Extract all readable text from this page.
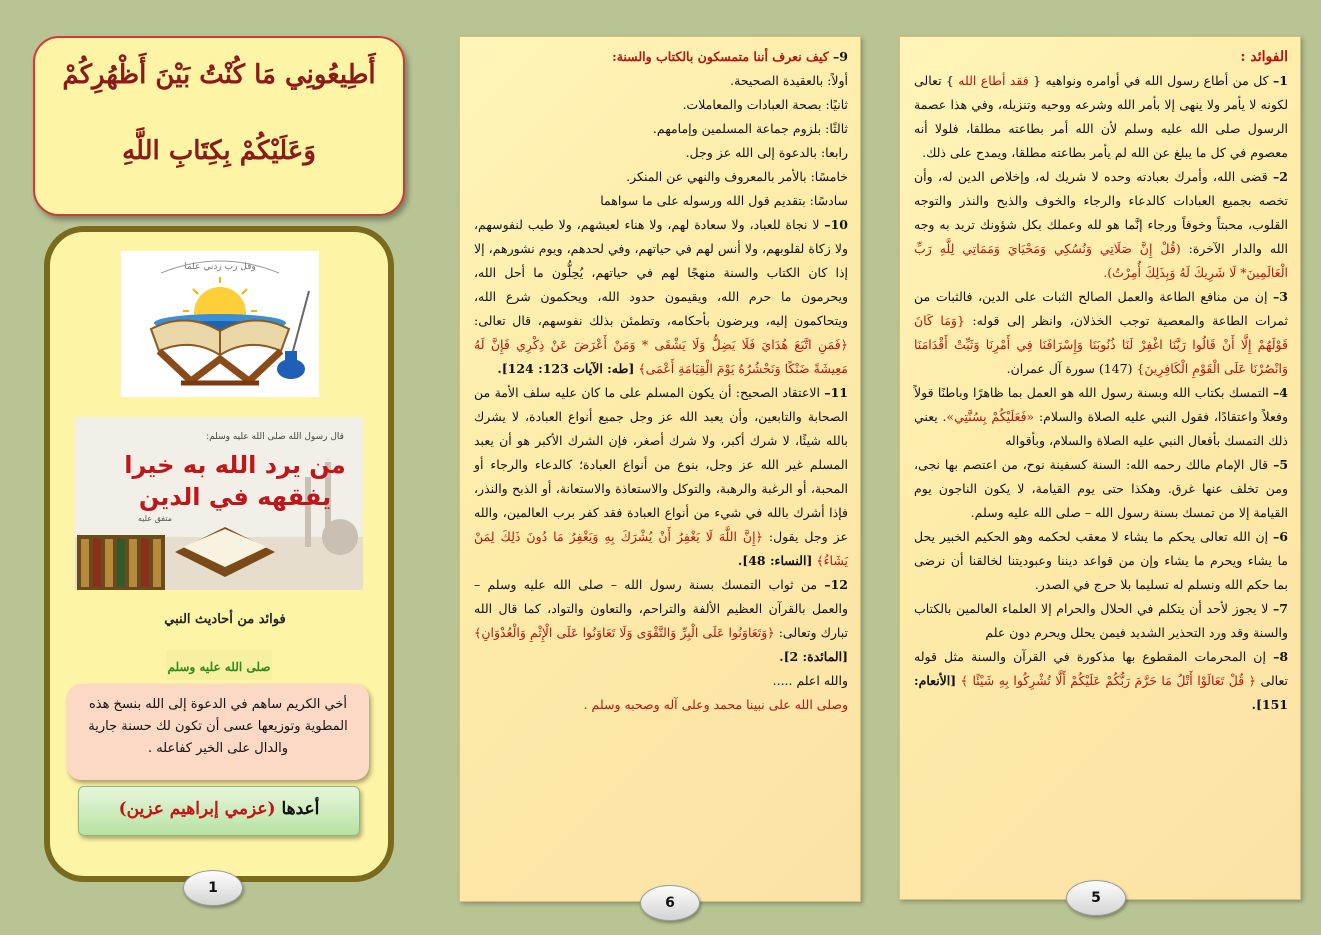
أَطِيعُونِي مَا كُنْتُ بَيْنَ أَظْهُرِكُمْ
وَعَلَيْكُمْ بِكِتَابِ اللَّهِ
وقل رب زدني علما
قال رسول الله صلى الله عليه وسلم:
من يرد الله به خيرا
يفقهه في الدين
متفق عليه
فوائد من أحاديث النبي
صلى الله عليه وسلم
أخي الكريم ساهم في الدعوة إلى الله بنسخ هذه المطوية وتوزيعها عسى أن تكون لك حسنة جارية والدال على الخير كفاعله .
أعدها (عزمي إبراهيم عزين)
1

9– كيف نعرف أننا متمسكون بالكتاب والسنة:

أولاً: بالعقيدة الصحيحة.

ثانيًا: بصحة العبادات والمعاملات.

ثالثًا: بلزوم جماعة المسلمين وإمامهم.

رابعا: بالدعوة إلى الله عز وجل.

خامسًا: بالأمر بالمعروف والنهي عن المنكر.

سادسًا: بتقديم قول الله ورسوله على ما سواهما

10– لا نجاة للعباد، ولا سعادة لهم، ولا هناء لعيشهم، ولا طيب لنفوسهم، ولا زكاة لقلوبهم، ولا أنس لهم في حياتهم، وفي لحدهم، ويوم نشورهم، إلا إذا كان الكتاب والسنة منهجًا لهم في حياتهم، يُحِلُّون ما أحل الله، ويحرمون ما حرم الله، ويقيمون حدود الله، ويحكمون شرع الله، ويتحاكمون إليه، ويرضون بأحكامه، وتطمئن بذلك نفوسهم، قال تعالى: ﴿فَمَنِ اتَّبَعَ هُدَايَ فَلَا يَضِلُّ وَلَا يَشْقَى * وَمَنْ أَعْرَضَ عَنْ ذِكْرِي فَإِنَّ لَهُ مَعِيشَةً ضَنْكًا وَنَحْشُرُهُ يَوْمَ الْقِيَامَةِ أَعْمَى﴾ [طه: الآيات 123: 124].

11– الاعتقاد الصحيح: أن يكون المسلم على ما كان عليه سلف الأمة من الصحابة والتابعين، وأن يعبد الله عز وجل جميع أنواع العبادة، لا يشرك بالله شيئًا، لا شرك أكبر، ولا شرك أصغر، فإن الشرك الأكبر هو أن يعبد المسلم غير الله عز وجل، بنوع من أنواع العبادة؛ كالدعاء والرجاء أو المحبة، أو الرغبة والرهبة، والتوكل والاستعاذة والاستعانة، أو الذبح والنذر، فإذا أشرك بالله في شيء من أنواع العبادة فقد كفر برب العالمين، والله عز وجل يقول: ﴿إِنَّ اللَّهَ لَا يَغْفِرُ أَنْ يُشْرَكَ بِهِ وَيَغْفِرُ مَا دُونَ ذَلِكَ لِمَنْ يَشَاءُ﴾ [النساء: 48].

12– من ثواب التمسك بسنة رسول الله – صلى الله عليه وسلم – والعمل بالقرآن العظيم الألفة والتراحم، والتعاون والتواد، كما قال الله تبارك وتعالى: ﴿وَتَعَاوَنُوا عَلَى الْبِرِّ وَالتَّقْوَى وَلَا تَعَاوَنُوا عَلَى الْإِثْمِ وَالْعُدْوَانِ﴾ [المائدة: 2].

والله اعلم .....

وصلى الله على نبينا محمد وعلى آله وصحبه وسلم .

6

الفوائد :

1– كل من أطاع رسول الله في أوامره ونواهيه { فقد أطاع الله } تعالى لكونه لا يأمر ولا ينهى إلا بأمر الله وشرعه ووحيه وتنزيله، وفي هذا عصمة الرسول صلى الله عليه وسلم لأن الله أمر بطاعته مطلقا، فلولا أنه معصوم في كل ما يبلغ عن الله لم يأمر بطاعته مطلقا، ويمدح على ذلك.

2– قضى الله، وأمرك بعبادته وحده لا شريك له، وإخلاص الدين له، وأن تخصه بجميع العبادات كالدعاء والرجاء والخوف والذبح والنذر والتوجه القلوب، محبتاً وخوفاً ورجاء إنَّما هو لله وعملك بكل شؤونك تريد به وجه الله والدار الآخرة: (قُلْ إِنَّ صَلَاتِي وَنُسُكِي وَمَحْيَايَ وَمَمَاتِي لِلَّهِ رَبِّ الْعَالَمِينَ* لَا شَرِيكَ لَهُ وَبِذَلِكَ أُمِرْتُ).

3– إن من منافع الطاعة والعمل الصالح الثبات على الدين، فالثبات من ثمرات الطاعة والمعصية توجب الخذلان، وانظر إلى قوله: {وَمَا كَانَ قَوْلَهُمْ إِلَّا أَنْ قَالُوا رَبَّنَا اغْفِرْ لَنَا ذُنُوبَنَا وَإِسْرَافَنَا فِي أَمْرِنَا وَثَبِّتْ أَقْدَامَنَا وَانْصُرْنَا عَلَى الْقَوْمِ الْكَافِرِينَ} (147) سورة آل عمران.

4– التمسك بكتاب الله وبسنة رسول الله هو العمل بما ظاهرًا وباطنًا قولاً وفعلاً واعتقادًا، فقول النبي عليه الصلاة والسلام: «فَعَلَيْكُمْ بِسُنَّتِي». يعني ذلك التمسك بأفعال النبي عليه الصلاة والسلام، وبأقواله

5– قال الإمام مالك رحمه الله: السنة كسفينة نوح، من اعتصم بها نجى، ومن تخلف عنها غرق. وهكذا حتى يوم القيامة، لا يكون الناجون يوم القيامة إلا من تمسك بسنة رسول الله – صلى الله عليه وسلم.

6– إن الله تعالى يحكم ما يشاء لا معقب لحكمه وهو الحكيم الخبير يحل ما يشاء ويحرم ما يشاء وإن من قواعد ديننا وعبوديتنا لخالقنا أن نرضى بما حكم الله ونسلم له تسليما بلا حرج في الصدر.

7– لا يجوز لأحد أن يتكلم في الحلال والحرام إلا العلماء العالمين بالكتاب والسنة وقد ورد التحذير الشديد فيمن يحلل ويحرم دون علم

8– إن المحرمات المقطوع بها مذكورة في القرآن والسنة مثل قوله تعالى ﴿ قُلْ تَعَالَوْا أَتْلُ مَا حَرَّمَ رَبُّكُمْ عَلَيْكُمْ أَلَّا تُشْرِكُوا بِهِ شَيْئًا ﴾ [الأنعام: 151].

5
